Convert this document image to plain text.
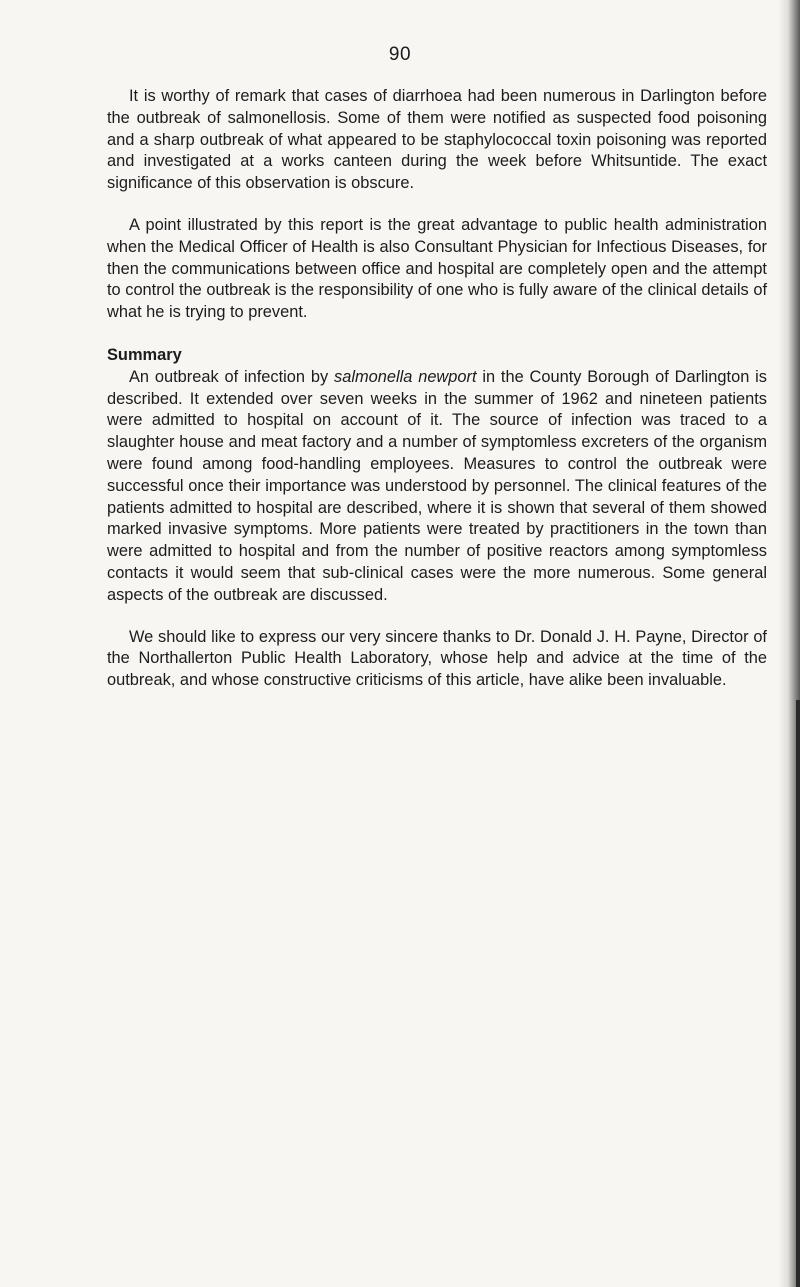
90

It is worthy of remark that cases of diarrhoea had been numerous in Darlington before the outbreak of salmonellosis. Some of them were notified as suspected food poisoning and a sharp outbreak of what appeared to be staphylococcal toxin poisoning was reported and investigated at a works canteen during the week before Whitsuntide. The exact significance of this observation is obscure.

A point illustrated by this report is the great advantage to public health administration when the Medical Officer of Health is also Consultant Physician for Infectious Diseases, for then the communications between office and hospital are completely open and the attempt to control the outbreak is the responsibility of one who is fully aware of the clinical details of what he is trying to prevent.

Summary

An outbreak of infection by salmonella newport in the County Borough of Darlington is described. It extended over seven weeks in the summer of 1962 and nineteen patients were admitted to hospital on account of it. The source of infection was traced to a slaughter house and meat factory and a number of symptomless excreters of the organism were found among food-handling employees. Measures to control the outbreak were successful once their importance was understood by personnel. The clinical features of the patients admitted to hospital are described, where it is shown that several of them showed marked invasive symptoms. More patients were treated by practitioners in the town than were admitted to hospital and from the number of positive reactors among symptomless contacts it would seem that sub-clinical cases were the more numerous. Some general aspects of the outbreak are discussed.

We should like to express our very sincere thanks to Dr. Donald J. H. Payne, Director of the Northallerton Public Health Laboratory, whose help and advice at the time of the outbreak, and whose constructive criticisms of this article, have alike been invaluable.
